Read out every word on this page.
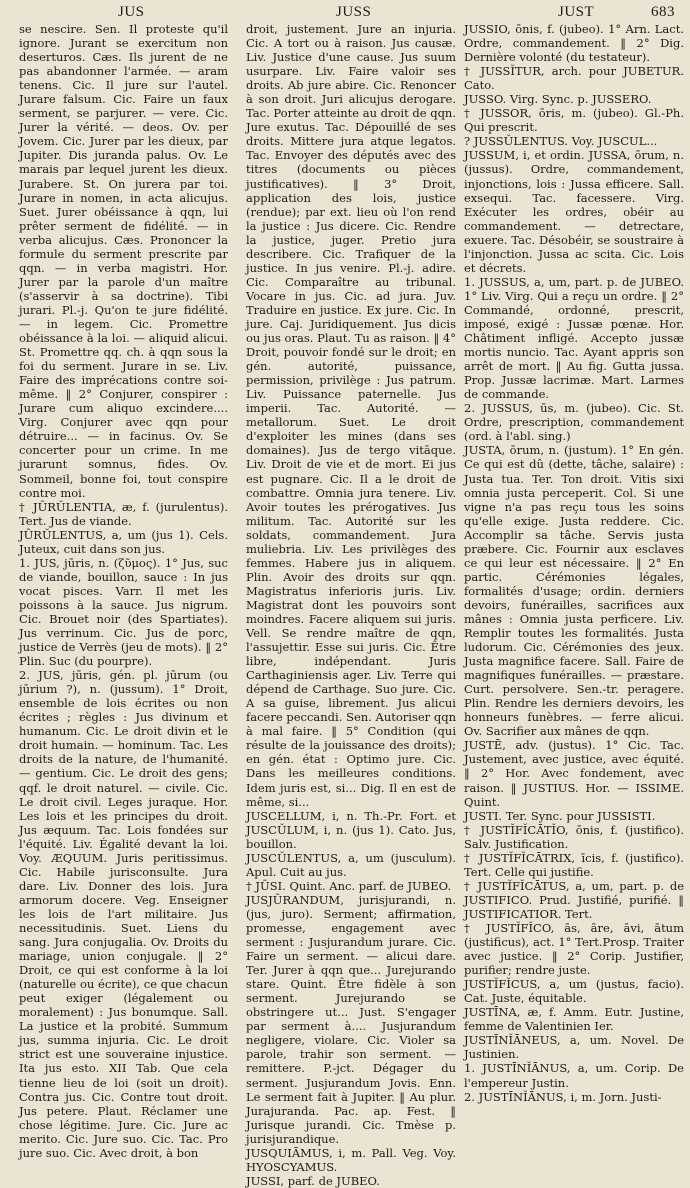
JUS	JUSS	JUST	683

se nescire. Sen. Il proteste qu'il ignore. Jurant se exercitum non deserturos. Cæs. Ils jurent de ne pas abandonner l'armée. — aram tenens. Cic. Il jure sur l'autel. Jurare falsum. Cic. Faire un faux serment, se parjurer. — vere. Cic. Jurer la vérité. — deos. Ov. per Jovem. Cic. Jurer par les dieux, par Jupiter. Dis juranda palus. Ov. Le marais par lequel jurent les dieux. Jurabere. St. On jurera par toi. Jurare in nomen, in acta alicujus. Suet. Jurer obéissance à qqn, lui prêter serment de fidélité. — in verba alicujus. Cæs. Prononcer la formule du serment prescrite par qqn. — in verba magistri. Hor. Jurer par la parole d'un maître (s'asservir à sa doctrine). Tibi jurari. Pl.-j. Qu'on te jure fidélité. — in legem. Cic. Promettre obéissance à la loi. — aliquid alicui. St. Promettre qq. ch. à qqn sous la foi du serment. Jurare in se. Liv. Faire des imprécations contre soi-même. ‖ 2° Conjurer, conspirer : Jurare cum aliquo excindere.... Virg. Conjurer avec qqn pour détruire... — in facinus. Ov. Se concerter pour un crime. In me jurarunt somnus, fides. Ov. Sommeil, bonne foi, tout conspire contre moi.

† JŪRŬLENTIA, æ, f. (jurulentus). Tert. Jus de viande.

JŪRŬLENTUS, a, um (jus 1). Cels. Juteux, cuit dans son jus.

1. JUS, jūris, n. (ζῦμος). 1° Jus, suc de viande, bouillon, sauce : In jus vocat pisces. Varr. Il met les poissons à la sauce. Jus nigrum. Cic. Brouet noir (des Spartiates). Jus verrinum. Cic. Jus de porc, justice de Verrès (jeu de mots). ‖ 2° Plin. Suc (du pourpre).

2. JUS, jūris, gén. pl. jūrum (ou jūrium ?), n. (jussum). 1° Droit, ensemble de lois écrites ou non écrites ; règles : Jus divinum et humanum. Cic. Le droit divin et le droit humain. — hominum. Tac. Les droits de la nature, de l'humanité. — gentium. Cic. Le droit des gens; qqf. le droit naturel. — civile. Cic. Le droit civil. Leges juraque. Hor. Les lois et les principes du droit. Jus æquum. Tac. Lois fondées sur l'équité. Liv. Égalité devant la loi. Voy. ÆQUUM. Juris peritissimus. Cic. Habile jurisconsulte. Jura dare. Liv. Donner des lois. Jura armorum docere. Veg. Enseigner les lois de l'art militaire. Jus necessitudinis. Suet. Liens du sang. Jura conjugalia. Ov. Droits du mariage, union conjugale. ‖ 2° Droit, ce qui est conforme à la loi (naturelle ou écrite), ce que chacun peut exiger (légalement ou moralement) : Jus bonumque. Sall. La justice et la probité. Summum jus, summa injuria. Cic. Le droit strict est une souveraine injustice. Ita jus esto. XII Tab. Que cela tienne lieu de loi (soit un droit). Contra jus. Cic. Contre tout droit. Jus petere. Plaut. Réclamer une chose légitime. Jure. Cic. Jure ac merito. Cic. Jure suo. Cic. Tac. Pro jure suo. Cic. Avec droit, à bon

droit, justement. Jure an injuria. Cic. A tort ou à raison. Jus causæ. Liv. Justice d'une cause. Jus suum usurpare. Liv. Faire valoir ses droits. Ab jure abire. Cic. Renoncer à son droit. Juri alicujus derogare. Tac. Porter atteinte au droit de qqn. Jure exutus. Tac. Dépouillé de ses droits. Mittere jura atque legatos. Tac. Envoyer des députés avec des titres (documents ou pièces justificatives). ‖ 3° Droit, application des lois, justice (rendue); par ext. lieu où l'on rend la justice : Jus dicere. Cic. Rendre la justice, juger. Pretio jura describere. Cic. Trafiquer de la justice. In jus venire. Pl.-j. adire. Cic. Comparaître au tribunal. Vocare in jus. Cic. ad jura. Juv. Traduire en justice. Ex jure. Cic. In jure. Caj. Juridiquement. Jus dicis ou jus oras. Plaut. Tu as raison. ‖ 4° Droit, pouvoir fondé sur le droit; en gén. autorité, puissance, permission, privilège : Jus patrum. Liv. Puissance paternelle. Jus imperii. Tac. Autorité. — metallorum. Suet. Le droit d'exploiter les mines (dans ses domaines). Jus de tergo vitāque. Liv. Droit de vie et de mort. Ei jus est pugnare. Cic. Il a le droit de combattre. Omnia jura tenere. Liv. Avoir toutes les prérogatives. Jus militum. Tac. Autorité sur les soldats, commandement. Jura muliebria. Liv. Les privilèges des femmes. Habere jus in aliquem. Plin. Avoir des droits sur qqn. Magistratus inferioris juris. Liv. Magistrat dont les pouvoirs sont moindres. Facere aliquem sui juris. Vell. Se rendre maître de qqn, l'assujettir. Esse sui juris. Cic. Être libre, indépendant. Juris Carthaginiensis ager. Liv. Terre qui dépend de Carthage. Suo jure. Cic. A sa guise, librement. Jus alicui facere peccandi. Sen. Autoriser qqn à mal faire. ‖ 5° Condition (qui résulte de la jouissance des droits); en gén. état : Optimo jure. Cic. Dans les meilleures conditions. Idem juris est, si... Dig. Il en est de même, si...

JUSCELLUM, i, n. Th.-Pr. Fort. et JUSCŬLUM, i, n. (jus 1). Cato. Jus, bouillon.

JUSCŬLENTUS, a, um (jusculum). Apul. Cuit au jus.

† JŪSI. Quint. Anc. parf. de JUBEO.

JUSJŪRANDUM, jurisjurandi, n. (jus, juro). Serment; affirmation, promesse, engagement avec serment : Jusjurandum jurare. Cic. Faire un serment. — alicui dare. Ter. Jurer à qqn que... Jurejurando stare. Quint. Être fidèle à son serment. Jurejurando se obstringere ut... Just. S'engager par serment à.... Jusjurandum negligere, violare. Cic. Violer sa parole, trahir son serment. — remittere. P.-jct. Dégager du serment. Jusjurandum Jovis. Enn. Le serment fait à Jupiter. ‖ Au plur. Jurajuranda. Pac. ap. Fest. ‖ Jurisque jurandi. Cic. Tmèse p. jurisjurandique.

JUSQUIĀMUS, i, m. Pall. Veg. Voy. HYOSCYAMUS.

JUSSI, parf. de JUBEO.

JUSSIO, ōnis, f. (jubeo). 1° Arn. Lact. Ordre, commandement. ‖ 2° Dig. Dernière volonté (du testateur).

† JUSSĬTUR, arch. pour JUBETUR. Cato.

JUSSO. Virg. Sync. p. JUSSERO.

† JUSSOR, ōris, m. (jubeo). Gl.-Ph. Qui prescrit.

? JUSSŬLENTUS. Voy. JUSCUL...

JUSSUM, i, et ordin. JUSSA, ōrum, n. (jussus). Ordre, commandement, injonctions, lois : Jussa efficere. Sall. exsequi. Tac. facessere. Virg. Exécuter les ordres, obéir au commandement. — detrectare, exuere. Tac. Désobéir, se soustraire à l'injonction. Jussa ac scita. Cic. Lois et décrets.

1. JUSSUS, a, um, part. p. de JUBEO. 1° Liv. Virg. Qui a reçu un ordre. ‖ 2° Commandé, ordonné, prescrit, imposé, exigé : Jussæ pœnæ. Hor. Châtiment infligé. Accepto jussæ mortis nuncio. Tac. Ayant appris son arrêt de mort. ‖ Au fig. Gutta jussa. Prop. Jussæ lacrimæ. Mart. Larmes de commande.

2. JUSSUS, ūs, m. (jubeo). Cic. St. Ordre, prescription, commandement (ord. à l'abl. sing.)

JUSTA, ōrum, n. (justum). 1° En gén. Ce qui est dû (dette, tâche, salaire) : Justa tua. Ter. Ton droit. Vitis sixi omnia justa perceperit. Col. Si une vigne n'a pas reçu tous les soins qu'elle exige. Justa reddere. Cic. Accomplir sa tâche. Servis justa præbere. Cic. Fournir aux esclaves ce qui leur est nécessaire. ‖ 2° En partic. Cérémonies légales, formalités d'usage; ordin. derniers devoirs, funérailles, sacrifices aux mânes : Omnia justa perficere. Liv. Remplir toutes les formalités. Justa ludorum. Cic. Cérémonies des jeux. Justa magnifice facere. Sall. Faire de magnifiques funérailles. — præstare. Curt. persolvere. Sen.-tr. peragere. Plin. Rendre les derniers devoirs, les honneurs funèbres. — ferre alicui. Ov. Sacrifier aux mânes de qqn.

JUSTĒ, adv. (justus). 1° Cic. Tac. Justement, avec justice, avec équité. ‖ 2° Hor. Avec fondement, avec raison. ‖ JUSTIUS. Hor. — ISSIME. Quint.

JUSTI. Ter. Sync. pour JUSSISTI.

† JUSTĬFĬCĀTĬO, ōnis, f. (justifico). Salv. Justification.

† JUSTĬFĬCĀTRIX, īcis, f. (justifico). Tert. Celle qui justifie.

† JUSTĬFĬCĀTUS, a, um, part. p. de JUSTIFICO. Prud. Justifié, purifié. ‖ JUSTIFICATIOR. Tert.

† JUSTĬFĬCO, ās, āre, āvi, ātum (justificus), act. 1° Tert.Prosp. Traiter avec justice. ‖ 2° Corip. Justifier, purifier; rendre juste.

JUSTĬFĬCUS, a, um (justus, facio). Cat. Juste, équitable.

JUSTĪNA, æ, f. Amm. Eutr. Justine, femme de Valentinien Ier.

JUSTĪNĬĀNEUS, a, um. Novel. De Justinien.

1. JUSTĪNĬĀNUS, a, um. Corip. De l'empereur Justin.

2. JUSTĪNĬĀNUS, i, m. Jorn. Justi-
